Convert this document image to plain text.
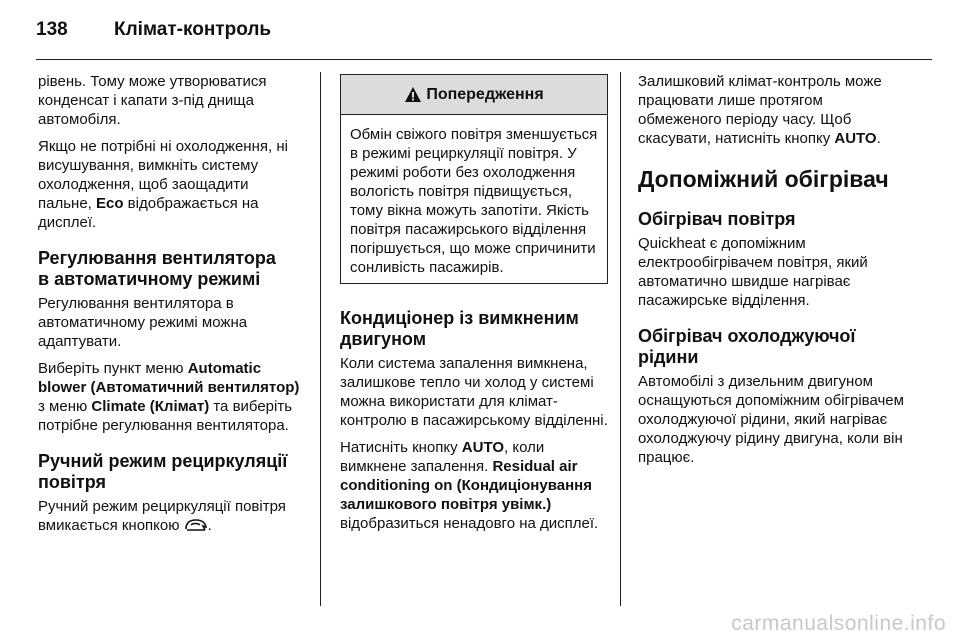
138	Клімат-контроль

рівень. Тому може утворюватися конденсат і капати з-під днища автомобіля.

Якщо не потрібні ні охолодження, ні висушування, вимкніть систему охолодження, щоб заощадити пальне, Eco відображається на дисплеї.

Регулювання вентилятора
в автоматичному режимі

Регулювання вентилятора в автоматичному режимі можна адаптувати.

Виберіть пункт меню Automatic blower (Автоматичний вентилятор) з меню Climate (Клімат) та виберіть потрібне регулювання вентилятора.

Ручний режим рециркуляції повітря

Ручний режим рециркуляції повітря вмикається кнопкою .

Попередження

Обмін свіжого повітря зменшується в режимі рециркуляції повітря. У режимі роботи без охолодження вологість повітря підвищується, тому вікна можуть запотіти. Якість повітря пасажирського відділення погіршується, що може спричинити сонливість пасажирів.

Кондиціонер із вимкненим двигуном

Коли система запалення вимкнена, залишкове тепло чи холод у системі можна використати для клімат-контролю в пасажирському відділенні.

Натисніть кнопку AUTO, коли вимкнене запалення. Residual air conditioning on (Кондиціонування залишкового повітря увімк.) відобразиться ненадовго на дисплеї.

Залишковий клімат-контроль може працювати лише протягом обмеженого періоду часу. Щоб скасувати, натисніть кнопку AUTO.

Допоміжний обігрівач
Обігрівач повітря

Quickheat є допоміжним електрообігрівачем повітря, який автоматично швидше нагріває пасажирське відділення.

Обігрівач охолоджуючої рідини

Автомобілі з дизельним двигуном оснащуються допоміжним обігрівачем охолоджуючої рідини, який нагріває охолоджуючу рідину двигуна, коли він працює.

carmanualsonline.info
